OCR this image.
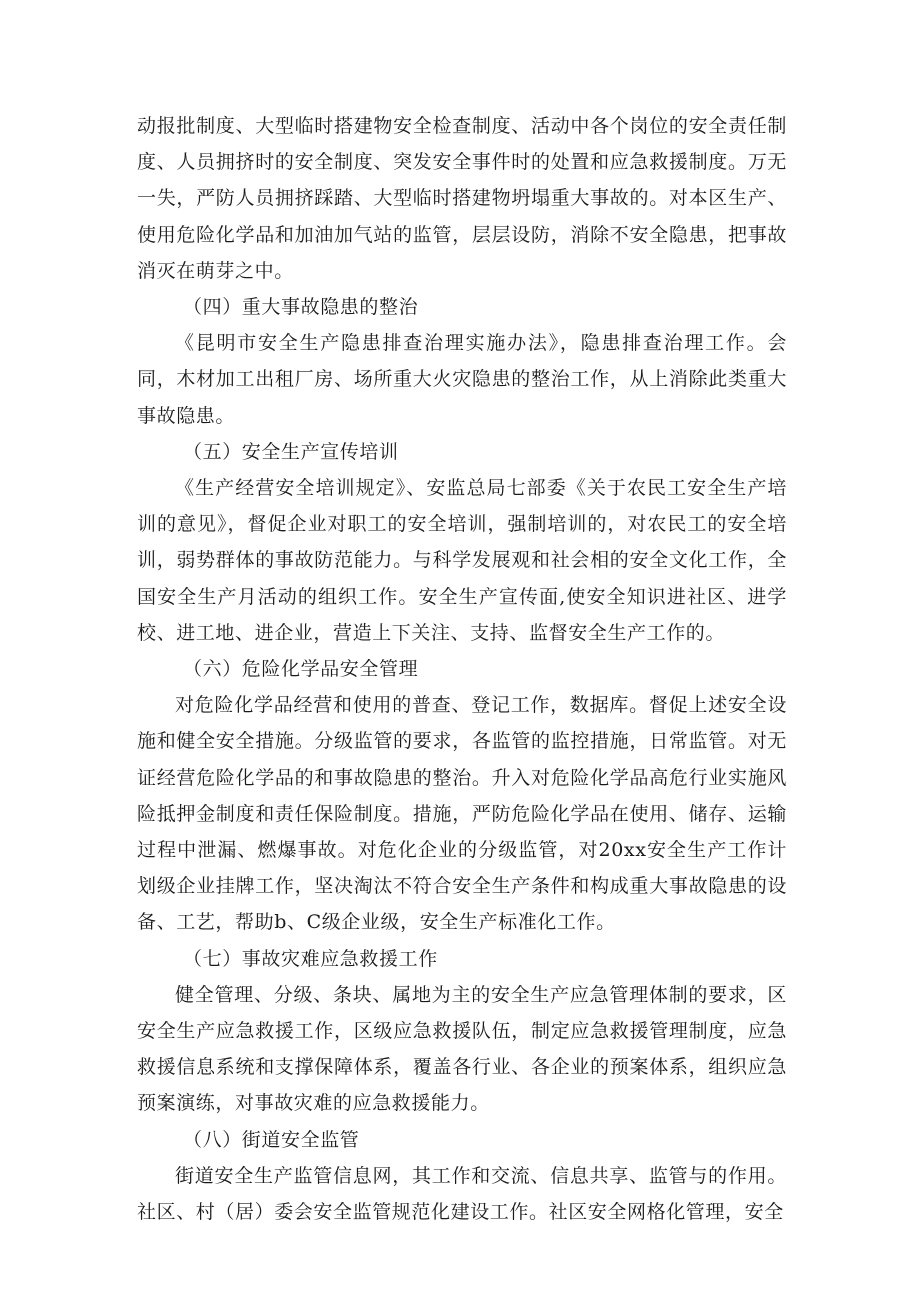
动报批制度、大型临时搭建物安全检查制度、活动中各个岗位的安全责任制度、人员拥挤时的安全制度、突发安全事件时的处置和应急救援制度。万无一失，严防人员拥挤踩踏、大型临时搭建物坍塌重大事故的。对本区生产、使用危险化学品和加油加气站的监管，层层设防，消除不安全隐患，把事故消灭在萌芽之中。

（四）重大事故隐患的整治

《昆明市安全生产隐患排查治理实施办法》，隐患排查治理工作。会同，木材加工出租厂房、场所重大火灾隐患的整治工作，从上消除此类重大事故隐患。

（五）安全生产宣传培训

《生产经营安全培训规定》、安监总局七部委《关于农民工安全生产培训的意见》，督促企业对职工的安全培训，强制培训的，对农民工的安全培训，弱势群体的事故防范能力。与科学发展观和社会相的安全文化工作，全国安全生产月活动的组织工作。安全生产宣传面,使安全知识进社区、进学校、进工地、进企业，营造上下关注、支持、监督安全生产工作的。

（六）危险化学品安全管理

对危险化学品经营和使用的普查、登记工作，数据库。督促上述安全设施和健全安全措施。分级监管的要求，各监管的监控措施，日常监管。对无证经营危险化学品的和事故隐患的整治。升入对危险化学品高危行业实施风险抵押金制度和责任保险制度。措施，严防危险化学品在使用、储存、运输过程中泄漏、燃爆事故。对危化企业的分级监管，对20xx安全生产工作计划级企业挂牌工作，坚决淘汰不符合安全生产条件和构成重大事故隐患的设备、工艺，帮助b、C级企业级，安全生产标准化工作。

（七）事故灾难应急救援工作

健全管理、分级、条块、属地为主的安全生产应急管理体制的要求，区安全生产应急救援工作，区级应急救援队伍，制定应急救援管理制度，应急救援信息系统和支撑保障体系，覆盖各行业、各企业的预案体系，组织应急预案演练，对事故灾难的应急救援能力。

（八）街道安全监管

街道安全生产监管信息网，其工作和交流、信息共享、监管与的作用。社区、村（居）委会安全监管规范化建设工作。社区安全网格化管理，安全
